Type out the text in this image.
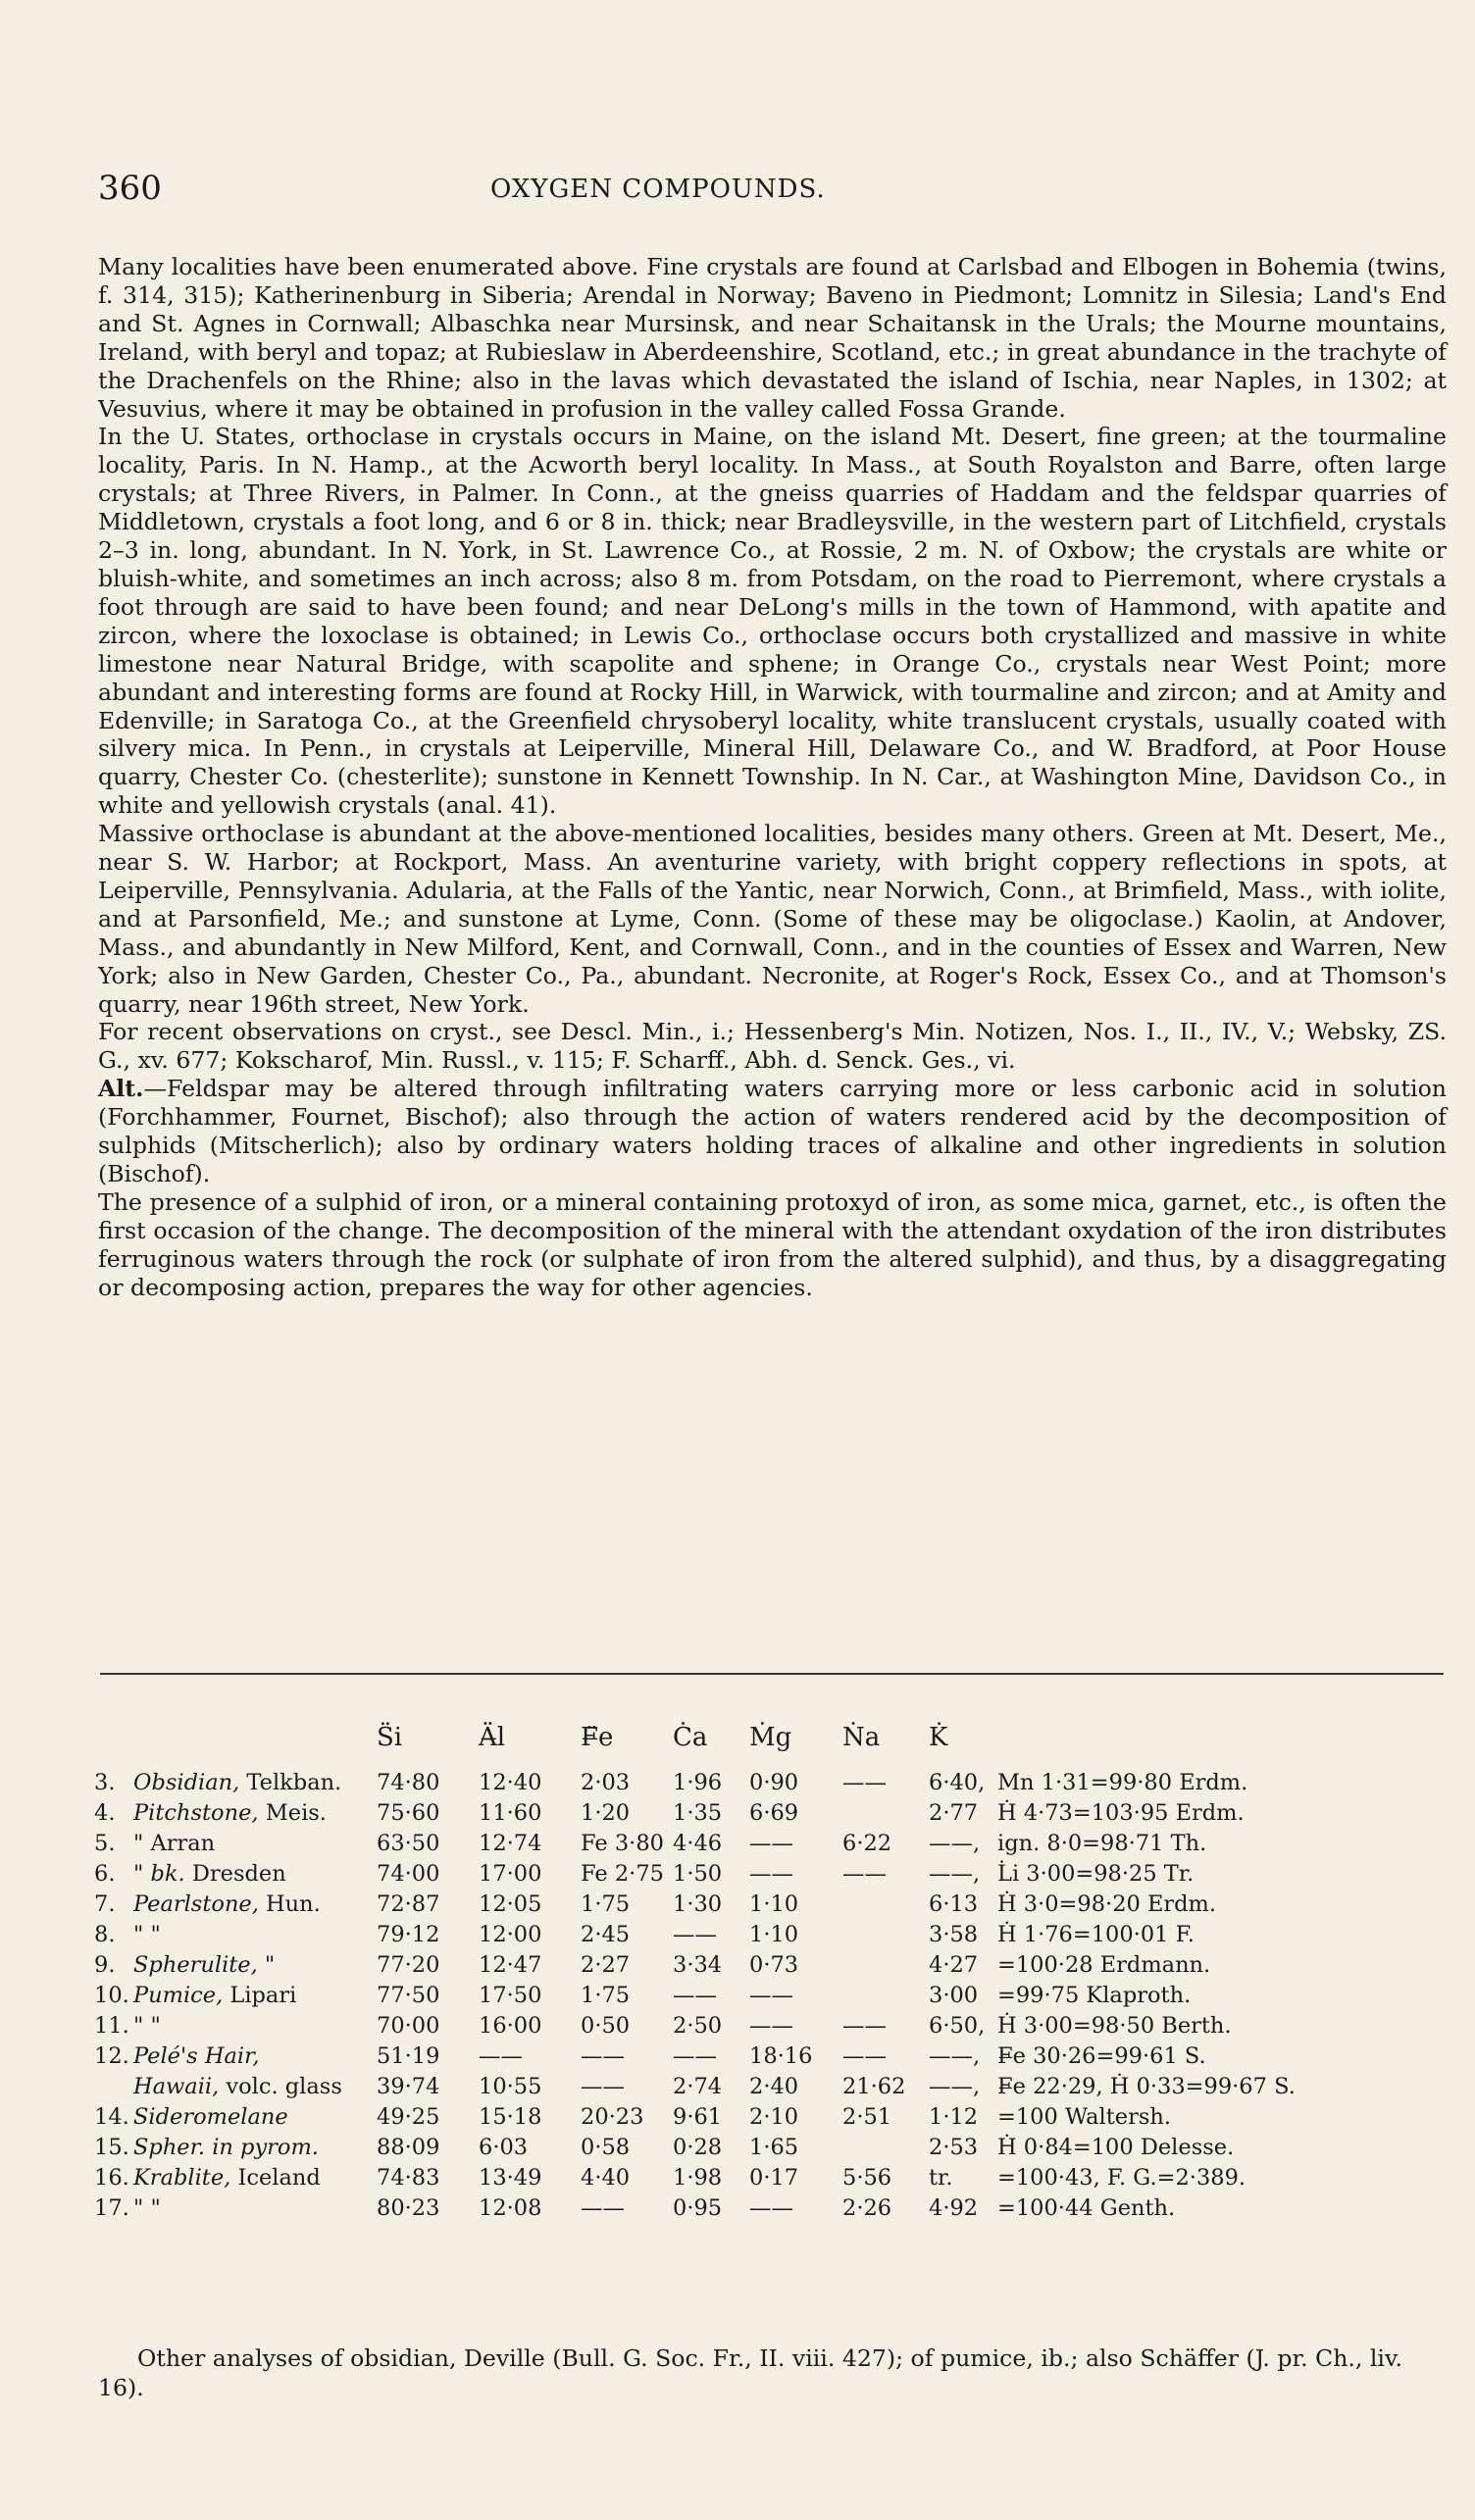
360	OXYGEN COMPOUNDS.

Many localities have been enumerated above. Fine crystals are found at Carlsbad and Elbogen in Bohemia (twins, f. 314, 315); Katherinenburg in Siberia; Arendal in Norway; Baveno in Piedmont; Lomnitz in Silesia; Land's End and St. Agnes in Cornwall; Albaschka near Mursinsk, and near Schaitansk in the Urals; the Mourne mountains, Ireland, with beryl and topaz; at Rubieslaw in Aberdeenshire, Scotland, etc.; in great abundance in the trachyte of the Drachenfels on the Rhine; also in the lavas which devastated the island of Ischia, near Naples, in 1302; at Vesuvius, where it may be obtained in profusion in the valley called Fossa Grande.

In the U. States, orthoclase in crystals occurs in Maine, on the island Mt. Desert, fine green; at the tourmaline locality, Paris. In N. Hamp., at the Acworth beryl locality. In Mass., at South Royalston and Barre, often large crystals; at Three Rivers, in Palmer. In Conn., at the gneiss quarries of Haddam and the feldspar quarries of Middletown, crystals a foot long, and 6 or 8 in. thick; near Bradleysville, in the western part of Litchfield, crystals 2–3 in. long, abundant. In N. York, in St. Lawrence Co., at Rossie, 2 m. N. of Oxbow; the crystals are white or bluish-white, and sometimes an inch across; also 8 m. from Potsdam, on the road to Pierremont, where crystals a foot through are said to have been found; and near DeLong's mills in the town of Hammond, with apatite and zircon, where the loxoclase is obtained; in Lewis Co., orthoclase occurs both crystallized and massive in white limestone near Natural Bridge, with scapolite and sphene; in Orange Co., crystals near West Point; more abundant and interesting forms are found at Rocky Hill, in Warwick, with tourmaline and zircon; and at Amity and Edenville; in Saratoga Co., at the Greenfield chrysoberyl locality, white translucent crystals, usually coated with silvery mica. In Penn., in crystals at Leiperville, Mineral Hill, Delaware Co., and W. Bradford, at Poor House quarry, Chester Co. (chesterlite); sunstone in Kennett Township. In N. Car., at Washington Mine, Davidson Co., in white and yellowish crystals (anal. 41).

Massive orthoclase is abundant at the above-mentioned localities, besides many others. Green at Mt. Desert, Me., near S. W. Harbor; at Rockport, Mass. An aventurine variety, with bright coppery reflections in spots, at Leiperville, Pennsylvania. Adularia, at the Falls of the Yantic, near Norwich, Conn., at Brimfield, Mass., with iolite, and at Parsonfield, Me.; and sunstone at Lyme, Conn. (Some of these may be oligoclase.) Kaolin, at Andover, Mass., and abundantly in New Milford, Kent, and Cornwall, Conn., and in the counties of Essex and Warren, New York; also in New Garden, Chester Co., Pa., abundant. Necronite, at Roger's Rock, Essex Co., and at Thomson's quarry, near 196th street, New York.

For recent observations on cryst., see Descl. Min., i.; Hessenberg's Min. Notizen, Nos. I., II., IV., V.; Websky, ZS. G., xv. 677; Kokscharof, Min. Russl., v. 115; F. Scharff., Abh. d. Senck. Ges., vi.

Alt.—Feldspar may be altered through infiltrating waters carrying more or less carbonic acid in solution (Forchhammer, Fournet, Bischof); also through the action of waters rendered acid by the decomposition of sulphids (Mitscherlich); also by ordinary waters holding traces of alkaline and other ingredients in solution (Bischof).

The presence of a sulphid of iron, or a mineral containing protoxyd of iron, as some mica, garnet, etc., is often the first occasion of the change. The decomposition of the mineral with the attendant oxydation of the iron distributes ferruginous waters through the rock (or sulphate of iron from the altered sulphid), and thus, by a disaggregating or decomposing action, prepares the way for other agencies.

	S̈i	Ä̶l	F̶̈e	Ċa	Ṁg	Ṅa	K̇	
3. Obsidian, Telkban.	74·80	12·40	2·03	1·96	0·90	——	6·40,	Mn 1·31=99·80 Erdm.
4. Pitchstone, Meis.	75·60	11·60	1·20	1·35	6·69		2·77	Ḣ 4·73=103·95 Erdm.
5. " Arran	63·50	12·74	Fe 3·80	4·46	——	6·22	——,	ign. 8·0=98·71 Th.
6. " bk. Dresden	74·00	17·00	Fe 2·75	1·50	——	——	——,	L̇i 3·00=98·25 Tr.
7. Pearlstone, Hun.	72·87	12·05	1·75	1·30	1·10		6·13	Ḣ 3·0=98·20 Erdm.
8. " "	79·12	12·00	2·45	——	1·10		3·58	Ḣ 1·76=100·01 F.
9. Spherulite, "	77·20	12·47	2·27	3·34	0·73		4·27	=100·28 Erdmann.
10. Pumice, Lipari	77·50	17·50	1·75	——	——		3·00	=99·75 Klaproth.
11. " "	70·00	16·00	0·50	2·50	——	——	6·50,	Ḣ 3·00=98·50 Berth.
12. Pelé's Hair,	51·19	——	——	——	18·16	——	——,	F̶e 30·26=99·61 S.
Hawaii, volc. glass	39·74	10·55	——	2·74	2·40	21·62	——,	F̶e 22·29, Ḣ 0·33=99·67 S.
14. Sideromelane	49·25	15·18	20·23	9·61	2·10	2·51	1·12	=100 Waltersh.
15. Spher. in pyrom.	88·09	6·03	0·58	0·28	1·65		2·53	Ḣ 0·84=100 Delesse.
16. Krablite, Iceland	74·83	13·49	4·40	1·98	0·17	5·56	tr.	=100·43, F. G.=2·389.
17. " "	80·23	12·08	——	0·95	——	2·26	4·92	=100·44 Genth.

Other analyses of obsidian, Deville (Bull. G. Soc. Fr., II. viii. 427); of pumice, ib.; also Schäffer (J. pr. Ch., liv. 16).
